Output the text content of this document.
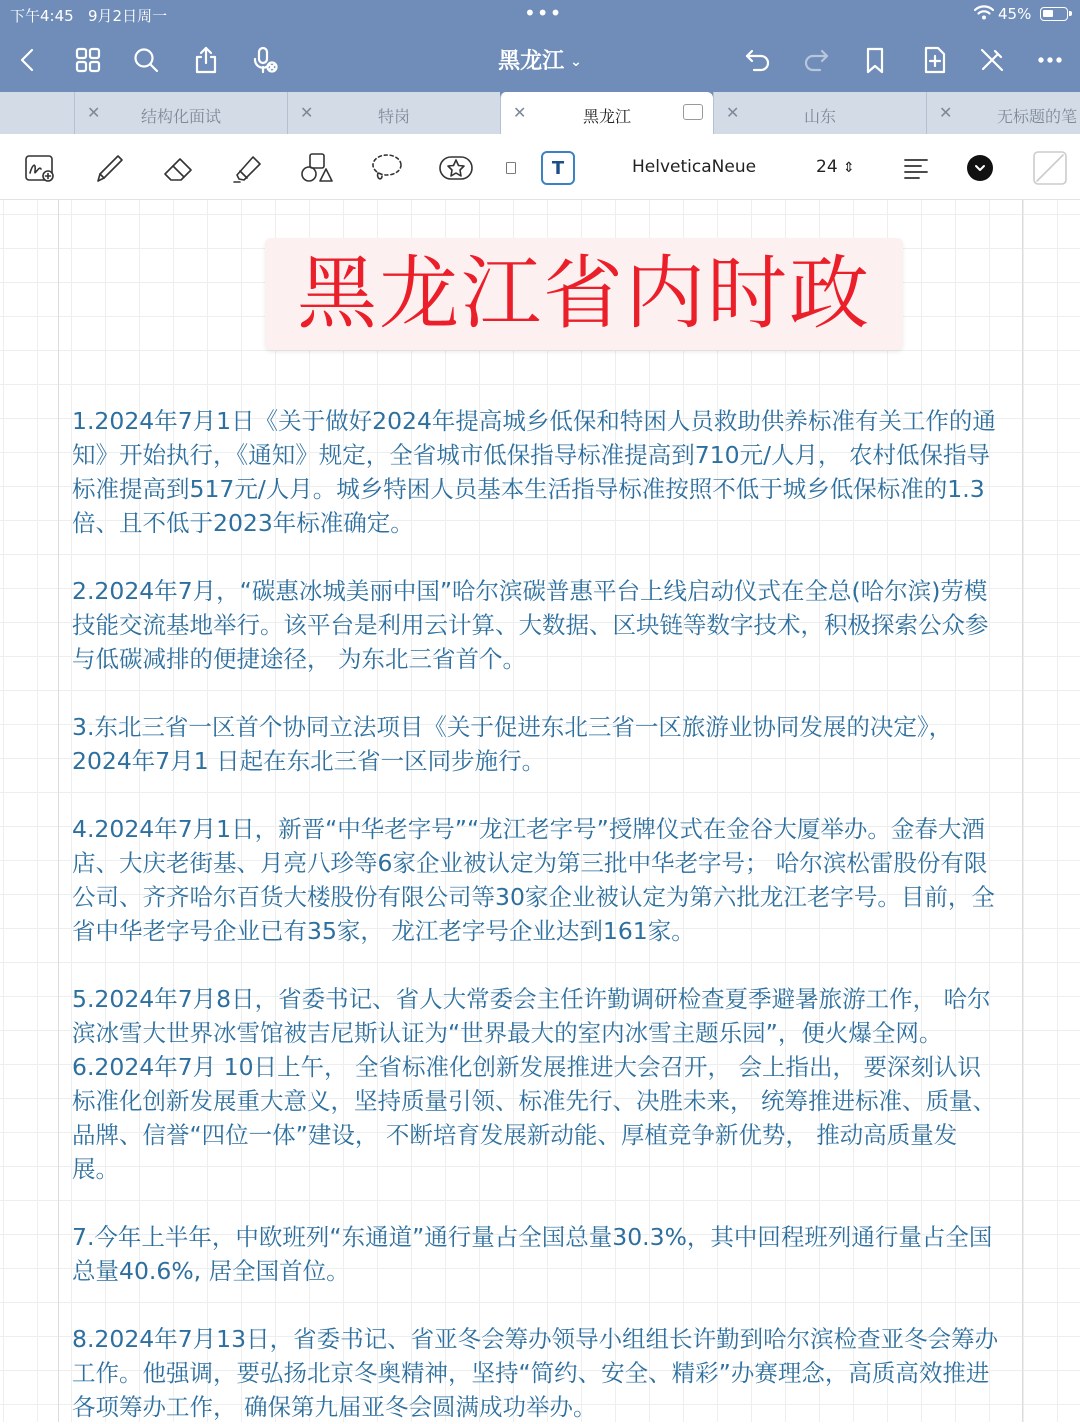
下午4:45 9月2日周一	•••	45%
黑龙江 ⌄
✕	结构化面试	✕	特岗	✕	黑龙江	✕	山东	✕	无标题的笔
T	HelveticaNeue	24 ⇕
黑龙江省内时政

1.2024年7月1日《关于做好2024年提高城乡低保和特困人员救助供养标准有关工作的通知》开始执行，《通知》规定，全省城市低保指导标准提高到710元/人月， 农村低保指导标准提高到517元/人月。城乡特困人员基本生活指导标准按照不低于城乡低保标准的1.3倍、且不低于2023年标准确定。

2.2024年7月，“碳惠冰城美丽中国”哈尔滨碳普惠平台上线启动仪式在全总(哈尔滨)劳模技能交流基地举行。该平台是利用云计算、大数据、区块链等数字技术，积极探索公众参与低碳减排的便捷途径， 为东北三省首个。

3.东北三省一区首个协同立法项目《关于促进东北三省一区旅游业协同发展的决定》，2024年7月1 日起在东北三省一区同步施行。

4.2024年7月1日，新晋“中华老字号”“龙江老字号”授牌仪式在金谷大厦举办。金春大酒店、大庆老街基、月亮八珍等6家企业被认定为第三批中华老字号； 哈尔滨松雷股份有限公司、齐齐哈尔百货大楼股份有限公司等30家企业被认定为第六批龙江老字号。目前，全省中华老字号企业已有35家， 龙江老字号企业达到161家。

5.2024年7月8日，省委书记、省人大常委会主任许勤调研检查夏季避暑旅游工作， 哈尔滨冰雪大世界冰雪馆被吉尼斯认证为“世界最大的室内冰雪主题乐园”，便火爆全网。

6.2024年7月 10日上午， 全省标准化创新发展推进大会召开， 会上指出， 要深刻认识标准化创新发展重大意义，坚持质量引领、标准先行、决胜未来， 统筹推进标准、质量、品牌、信誉“四位一体”建设， 不断培育发展新动能、厚植竞争新优势， 推动高质量发展。

7.今年上半年，中欧班列“东通道”通行量占全国总量30.3%，其中回程班列通行量占全国总量40.6%, 居全国首位。

8.2024年7月13日，省委书记、省亚冬会筹办领导小组组长许勤到哈尔滨检查亚冬会筹办工作。他强调，要弘扬北京冬奥精神，坚持“简约、安全、精彩”办赛理念，高质高效推进各项筹办工作， 确保第九届亚冬会圆满成功举办。
